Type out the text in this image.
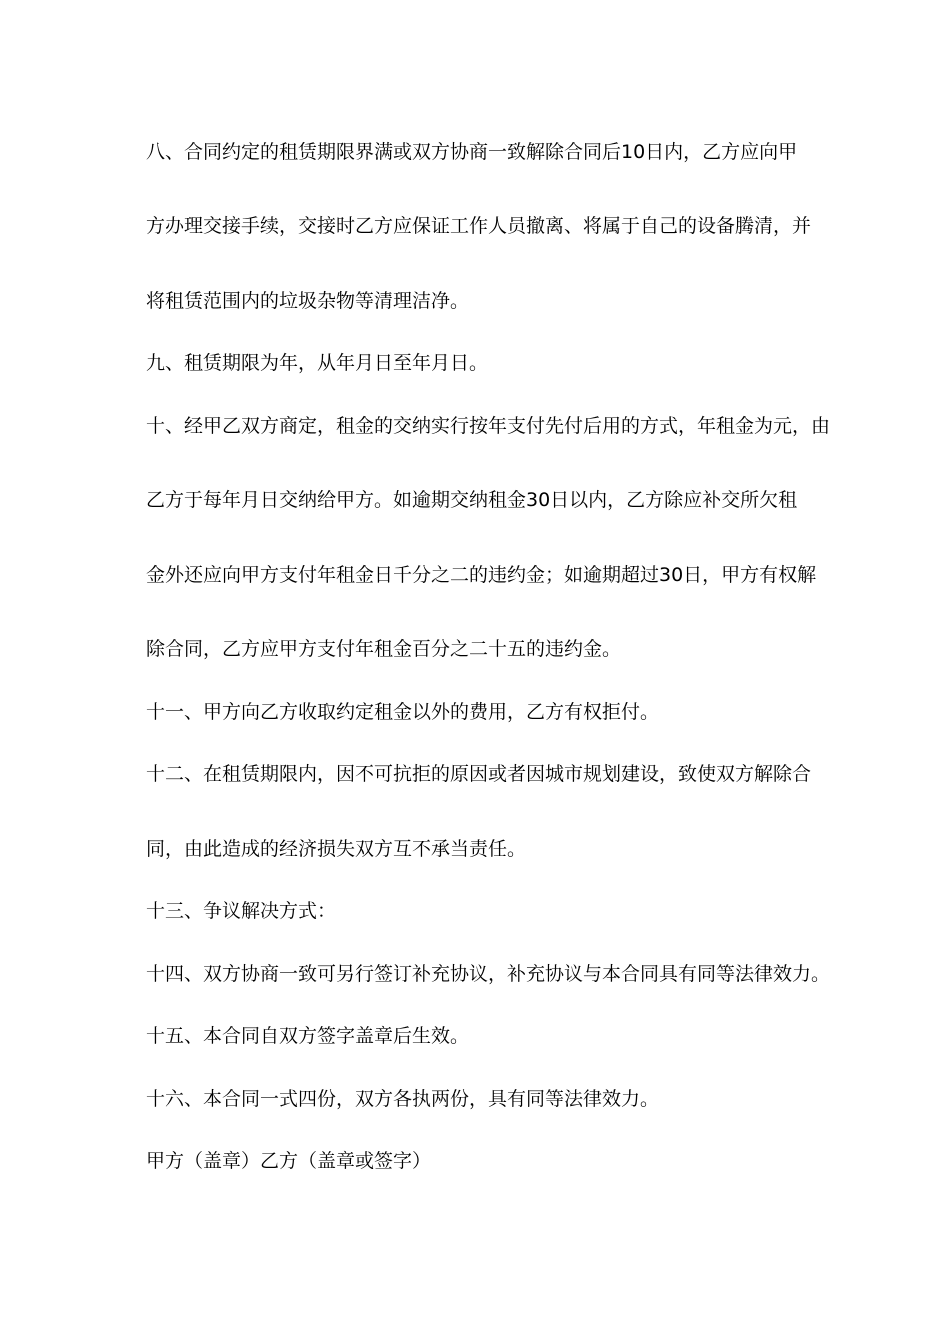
八、合同约定的租赁期限界满或双方协商一致解除合同后10日内，乙方应向甲
方办理交接手续，交接时乙方应保证工作人员撤离、将属于自己的设备腾清，并
将租赁范围内的垃圾杂物等清理洁净。
九、租赁期限为年，从年月日至年月日。
十、经甲乙双方商定，租金的交纳实行按年支付先付后用的方式，年租金为元，由
乙方于每年月日交纳给甲方。如逾期交纳租金30日以内，乙方除应补交所欠租
金外还应向甲方支付年租金日千分之二的违约金；如逾期超过30日，甲方有权解
除合同，乙方应甲方支付年租金百分之二十五的违约金。
十一、甲方向乙方收取约定租金以外的费用，乙方有权拒付。
十二、在租赁期限内，因不可抗拒的原因或者因城市规划建设，致使双方解除合
同，由此造成的经济损失双方互不承当责任。
十三、争议解决方式：
十四、双方协商一致可另行签订补充协议，补充协议与本合同具有同等法律效力。
十五、本合同自双方签字盖章后生效。
十六、本合同一式四份，双方各执两份，具有同等法律效力。
甲方（盖章）乙方（盖章或签字）
